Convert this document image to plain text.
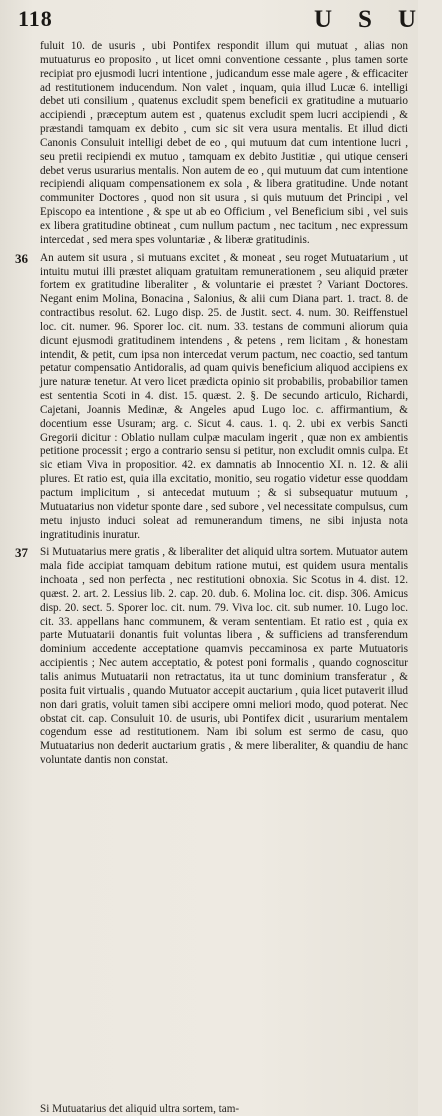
118	USU

fuluit 10. de usuris , ubi Pontifex respondit illum qui mutuat , alias non mutuaturus eo proposito , ut licet omni conventione cessante , plus tamen sorte recipiat pro ejusmodi lucri intentione , judicandum esse male agere , & efficaciter ad restitutionem inducendum. Non valet , inquam, quia illud Lucæ 6. intelligi debet uti consilium , quatenus excludit spem beneficii ex gratitudine a mutuario accipiendi , præceptum autem est , quatenus excludit spem lucri accipiendi , & præstandi tamquam ex debito , cum sic sit vera usura mentalis. Et illud dicti Canonis Consuluit intelligi debet de eo , qui mutuum dat cum intentione lucri , seu pretii recipiendi ex mutuo , tamquam ex debito Justitiæ , qui utique censeri debet verus usurarius mentalis. Non autem de eo , qui mutuum dat cum intentione recipiendi aliquam compensationem ex sola , & libera gratitudine. Unde notant communiter Doctores , quod non sit usura , si quis mutuum det Principi , vel Episcopo ea intentione , & spe ut ab eo Officium , vel Beneficium sibi , vel suis ex libera gratitudine obtineat , cum nullum pactum , nec tacitum , nec expressum intercedat , sed mera spes voluntariæ , & liberæ gratitudinis.

36 An autem sit usura , si mutuans excitet , & moneat , seu roget Mutuatarium , ut intuitu mutui illi præstet aliquam gratuitam remunerationem , seu aliquid præter fortem ex gratitudine liberaliter , & voluntarie ei præstet ? Variant Doctores. Negant enim Molina, Bonacina , Salonius, & alii cum Diana part. 1. tract. 8. de contractibus resolut. 62. Lugo disp. 25. de Justit. sect. 4. num. 30. Reiffenstuel loc. cit. numer. 96. Sporer loc. cit. num. 33. testans de communi aliorum quia dicunt ejusmodi gratitudinem intendens , & petens , rem licitam , & honestam intendit, & petit, cum ipsa non intercedat verum pactum, nec coactio, sed tantum petatur compensatio Antidoralis, ad quam quivis beneficium aliquod accipiens ex jure naturæ tenetur. At vero licet prædicta opinio sit probabilis, probabilior tamen est sententia Scoti in 4. dist. 15. quæst. 2. §. De secundo articulo, Richardi, Cajetani, Joannis Medinæ, & Angeles apud Lugo loc. c. affirmantium, & docentium esse Usuram; arg. c. Sicut 4. caus. 1. q. 2. ubi ex verbis Sancti Gregorii dicitur : Oblatio nullam culpæ maculam ingerit , quæ non ex ambientis petitione processit ; ergo a contrario sensu si petitur, non excludit omnis culpa. Et sic etiam Viva in propositior. 42. ex damnatis ab Innocentio XI. n. 12. & alii plures. Et ratio est, quia illa excitatio, monitio, seu rogatio videtur esse quoddam pactum implicitum , si antecedat mutuum ; & si subsequatur mutuum , Mutuatarius non videtur sponte dare , sed subore , vel necessitate compulsus, cum metu injusto induci soleat ad remunerandum timens, ne sibi injusta nota ingratitudinis inuratur.

37 Si Mutuatarius mere gratis , & liberaliter det aliquid ultra sortem. Mutuator autem mala fide accipiat tamquam debitum ratione mutui, est quidem usura mentalis inchoata , sed non perfecta , nec restitutioni obnoxia. Sic Scotus in 4. dist. 12. quæst. 2. art. 2. Lessius lib. 2. cap. 20. dub. 6. Molina loc. cit. disp. 306. Amicus disp. 20. sect. 5. Sporer loc. cit. num. 79. Viva loc. cit. sub numer. 10. Lugo loc. cit. 33. appellans hanc communem, & veram sententiam. Et ratio est , quia ex parte Mutuatarii donantis fuit voluntas libera , & sufficiens ad transferendum dominium accedente acceptatione quamvis peccaminosa ex parte Mutuatoris accipientis ; Nec autem acceptatio, & potest poni formalis , quando cognoscitur talis animus Mutuatarii non retractatus, ita ut tunc dominium transferatur , & posita fuit virtualis , quando Mutuator accepit auctarium , quia licet putaverit illud non dari gratis, voluit tamen sibi accipere omni meliori modo, quod poterat. Nec obstat cit. cap. Consuluit 10. de usuris, ubi Pontifex dicit , usurarium mentalem cogendum esse ad restitutionem. Nam ibi solum est sermo de casu, quo Mutuatarius non dederit auctarium gratis , & mere liberaliter, & quandiu de hanc voluntate dantis non constat.

Si Mutuatarius det aliquid ultra sortem, tam-
